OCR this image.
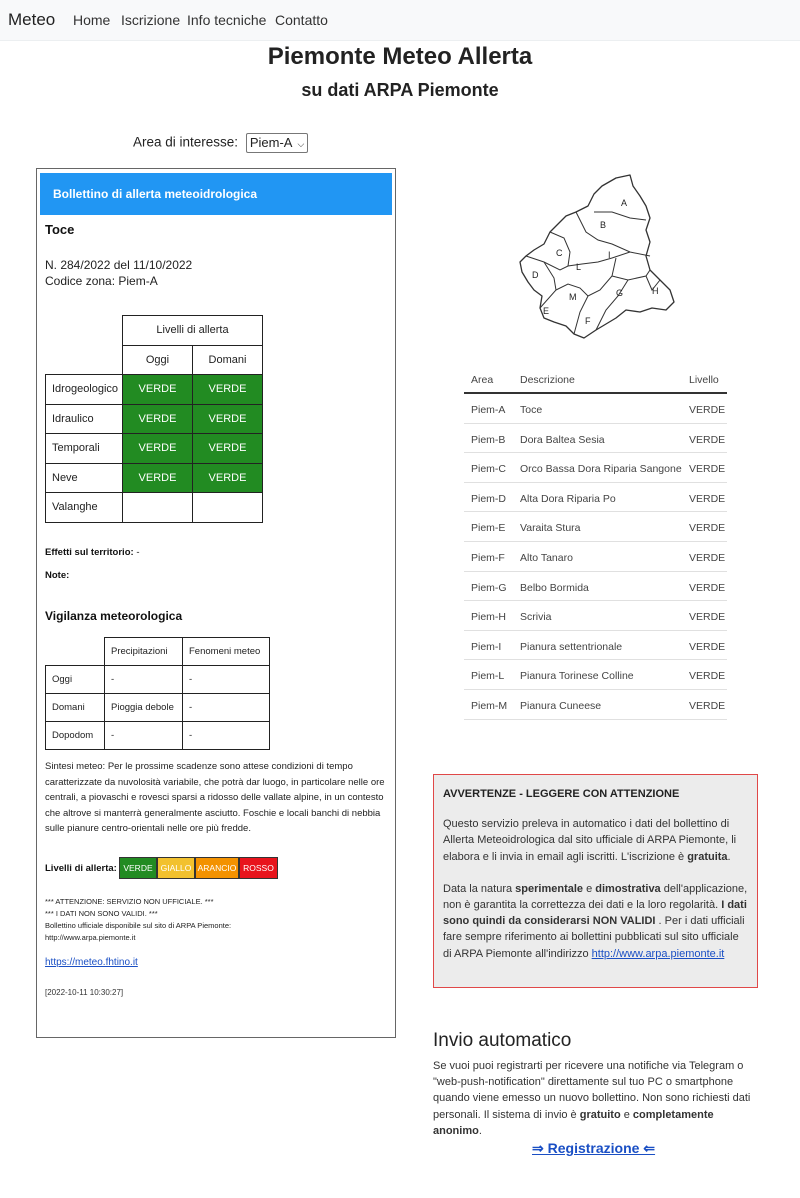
Meteo Home Iscrizione Info tecniche Contatto
Piemonte Meteo Allerta
su dati ARPA Piemonte
Area di interesse: Piem-A ⌵
Bollettino di allerta meteoidrologica
Toce
N. 284/2022 del 11/10/2022
Codice zona: Piem-A
	Livelli di allerta	
	Oggi	Domani
Idrogeologico	VERDE	VERDE
Idraulico	VERDE	VERDE
Temporali	VERDE	VERDE
Neve	VERDE	VERDE
Valanghe		
Effetti sul territorio: -
Note:
Vigilanza meteorologica
	Precipitazioni	Fenomeni meteo
Oggi	-	-
Domani	Pioggia debole	-
Dopodom	-	-
Sintesi meteo: Per le prossime scadenze sono attese condizioni di tempo caratterizzate da nuvolosità variabile, che potrà dar luogo, in particolare nelle ore centrali, a piovaschi e rovesci sparsi a ridosso delle vallate alpine, in un contesto che altrove si manterrà generalmente asciutto. Foschie e locali banchi di nebbia sulle pianure centro-orientali nelle ore più fredde.
Livelli di allerta: VERDE GIALLO ARANCIO ROSSO
*** ATTENZIONE: SERVIZIO NON UFFICIALE. ***
*** I DATI NON SONO VALIDI. ***
Bollettino ufficiale disponibile sul sito di ARPA Piemonte:
http://www.arpa.piemonte.it
https://meteo.fhtino.it
[2022-10-11 10:30:27]
A
B
C
D
E
F
G	H
I
L
M
Area	Descrizione	Livello
Piem-A Toce	VERDE
Piem-B Dora Baltea Sesia	VERDE
Piem-C Orco Bassa Dora Riparia Sangone VERDE
Piem-D Alta Dora Riparia Po	VERDE
Piem-E Varaita Stura	VERDE
Piem-F Alto Tanaro	VERDE
Piem-G Belbo Bormida	VERDE
Piem-H Scrivia	VERDE
Piem-I Pianura settentrionale	VERDE
Piem-L Pianura Torinese Colline	VERDE
Piem-M Pianura Cuneese	VERDE
AVVERTENZE - LEGGERE CON ATTENZIONE

Questo servizio preleva in automatico i dati del bollettino di Allerta Meteoidrologica dal sito ufficiale di ARPA Piemonte, li elabora e li invia in email agli iscritti. L'iscrizione è gratuita.

Data la natura sperimentale e dimostrativa dell'applicazione, non è garantita la correttezza dei dati e la loro regolarità. I dati sono quindi da considerarsi NON VALIDI . Per i dati ufficiali fare sempre riferimento ai bollettini pubblicati sul sito ufficiale di ARPA Piemonte all'indirizzo http://www.arpa.piemonte.it

Invio automatico
Se vuoi puoi registrarti per ricevere una notifiche via Telegram o "web-push-notification" direttamente sul tuo PC o smartphone quando viene emesso un nuovo bollettino. Non sono richiesti dati personali. Il sistema di invio è gratuito e completamente anonimo.
⇒ Registrazione ⇐
